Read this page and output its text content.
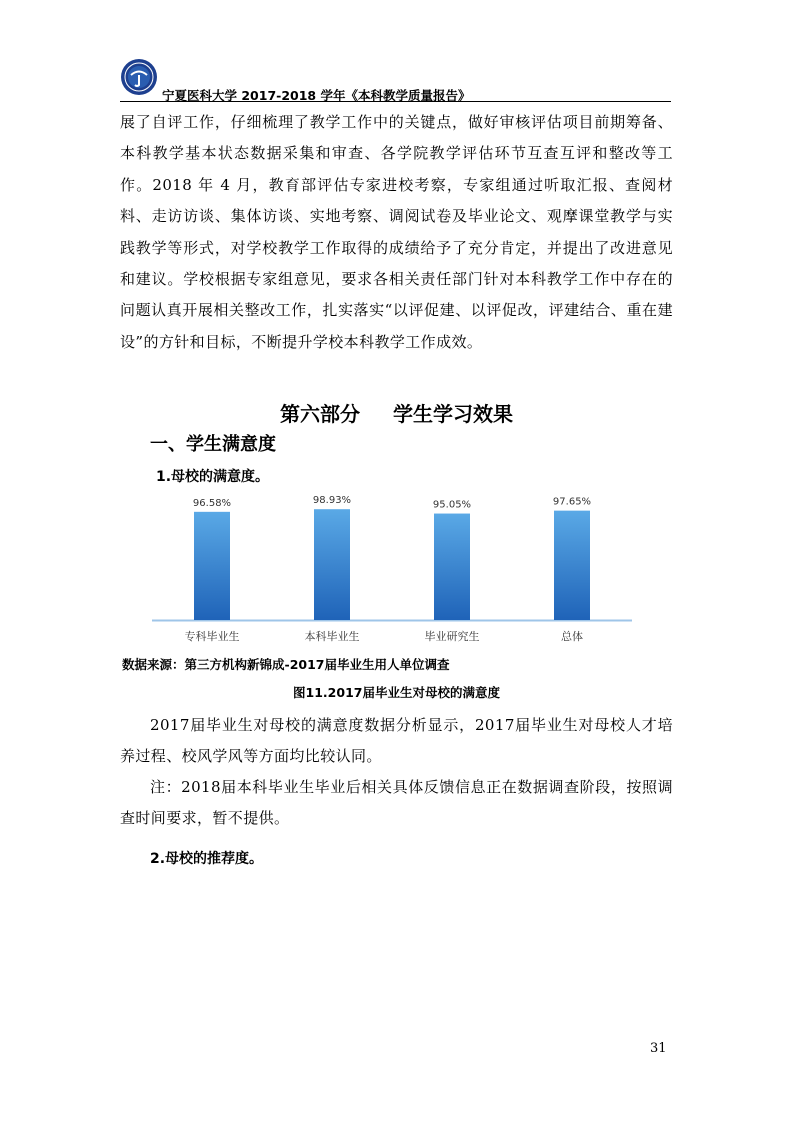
宁夏医科大学 2017-2018 学年《本科教学质量报告》
展了自评工作，仔细梳理了教学工作中的关键点，做好审核评估项目前期筹备、本科教学基本状态数据采集和审查、各学院教学评估环节互查互评和整改等工作。2018 年 4 月，教育部评估专家进校考察，专家组通过听取汇报、查阅材料、走访访谈、集体访谈、实地考察、调阅试卷及毕业论文、观摩课堂教学与实践教学等形式，对学校教学工作取得的成绩给予了充分肯定，并提出了改进意见和建议。学校根据专家组意见，要求各相关责任部门针对本科教学工作中存在的问题认真开展相关整改工作，扎实落实“以评促建、以评促改，评建结合、重在建设”的方针和目标，不断提升学校本科教学工作成效。
第六部分 学生学习效果
一、学生满意度
1.母校的满意度。
96.58%
专科毕业生
98.93%
本科毕业生
95.05%
毕业研究生
97.65%
总体
数据来源：第三方机构新锦成-2017届毕业生用人单位调查
图11.2017届毕业生对母校的满意度
2017届毕业生对母校的满意度数据分析显示，2017届毕业生对母校人才培养过程、校风学风等方面均比较认同。
注：2018届本科毕业生毕业后相关具体反馈信息正在数据调查阶段，按照调查时间要求，暂不提供。
2.母校的推荐度。
31
